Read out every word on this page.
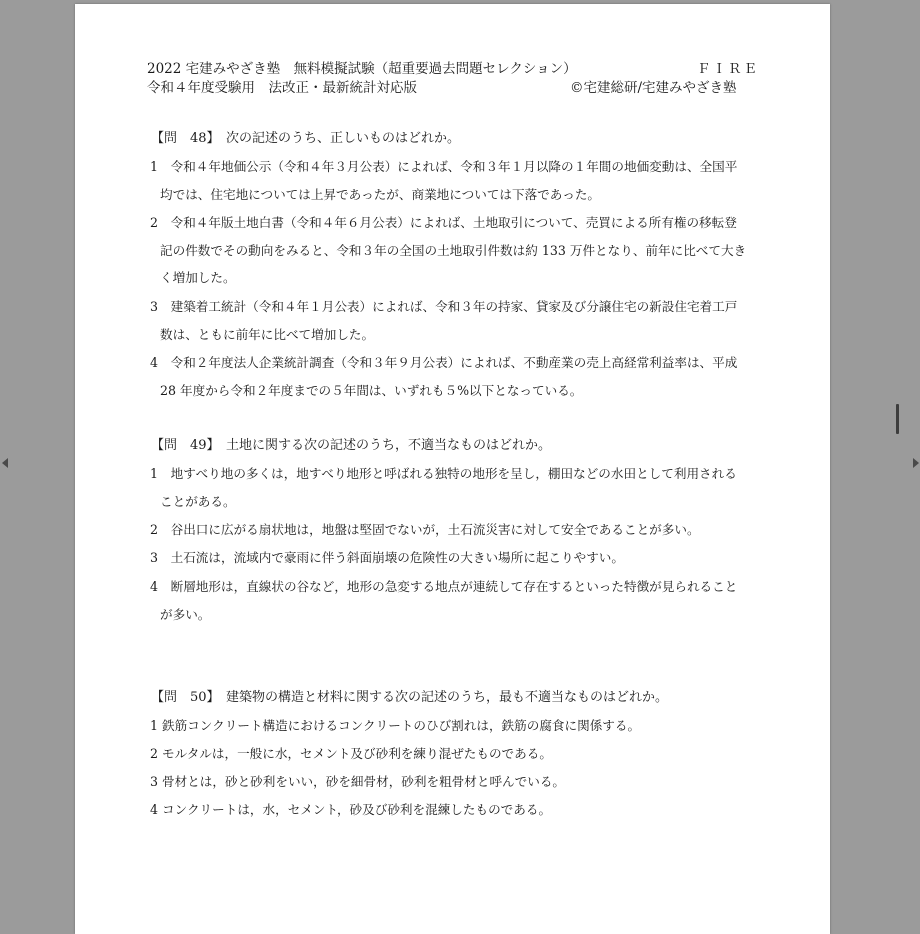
2022 宅建みやざき塾　無料模擬試験（超重要過去問題セレクション）	ＦＩＲＥ
令和４年度受験用　法改正・最新統計対応版	©宅建総研/宅建みやざき塾
【問　48】　次の記述のうち、正しいものはどれか。
1　令和４年地価公示（令和４年３月公表）によれば、令和３年１月以降の１年間の地価変動は、全国平
均では、住宅地については上昇であったが、商業地については下落であった。
2　令和４年版土地白書（令和４年６月公表）によれば、土地取引について、売買による所有権の移転登
記の件数でその動向をみると、令和３年の全国の土地取引件数は約 133 万件となり、前年に比べて大き
く増加した。
3　建築着工統計（令和４年１月公表）によれば、令和３年の持家、貸家及び分譲住宅の新設住宅着工戸
数は、ともに前年に比べて増加した。
4　令和２年度法人企業統計調査（令和３年９月公表）によれば、不動産業の売上高経常利益率は、平成
28 年度から令和２年度までの５年間は、いずれも５%以下となっている。
【問　49】　土地に関する次の記述のうち，不適当なものはどれか。
1　地すべり地の多くは，地すべり地形と呼ばれる独特の地形を呈し，棚田などの水田として利用される
ことがある。
2　谷出口に広がる扇状地は，地盤は堅固でないが，土石流災害に対して安全であることが多い。
3　土石流は，流域内で豪雨に伴う斜面崩壊の危険性の大きい場所に起こりやすい。
4　断層地形は，直線状の谷など，地形の急変する地点が連続して存在するといった特徴が見られること
が多い。
【問　50】　建築物の構造と材料に関する次の記述のうち，最も不適当なものはどれか。
1 鉄筋コンクリート構造におけるコンクリートのひび割れは，鉄筋の腐食に関係する。
2 モルタルは，一般に水，セメント及び砂利を練り混ぜたものである。
3 骨材とは，砂と砂利をいい，砂を細骨材，砂利を粗骨材と呼んでいる。
4 コンクリートは，水，セメント，砂及び砂利を混練したものである。
